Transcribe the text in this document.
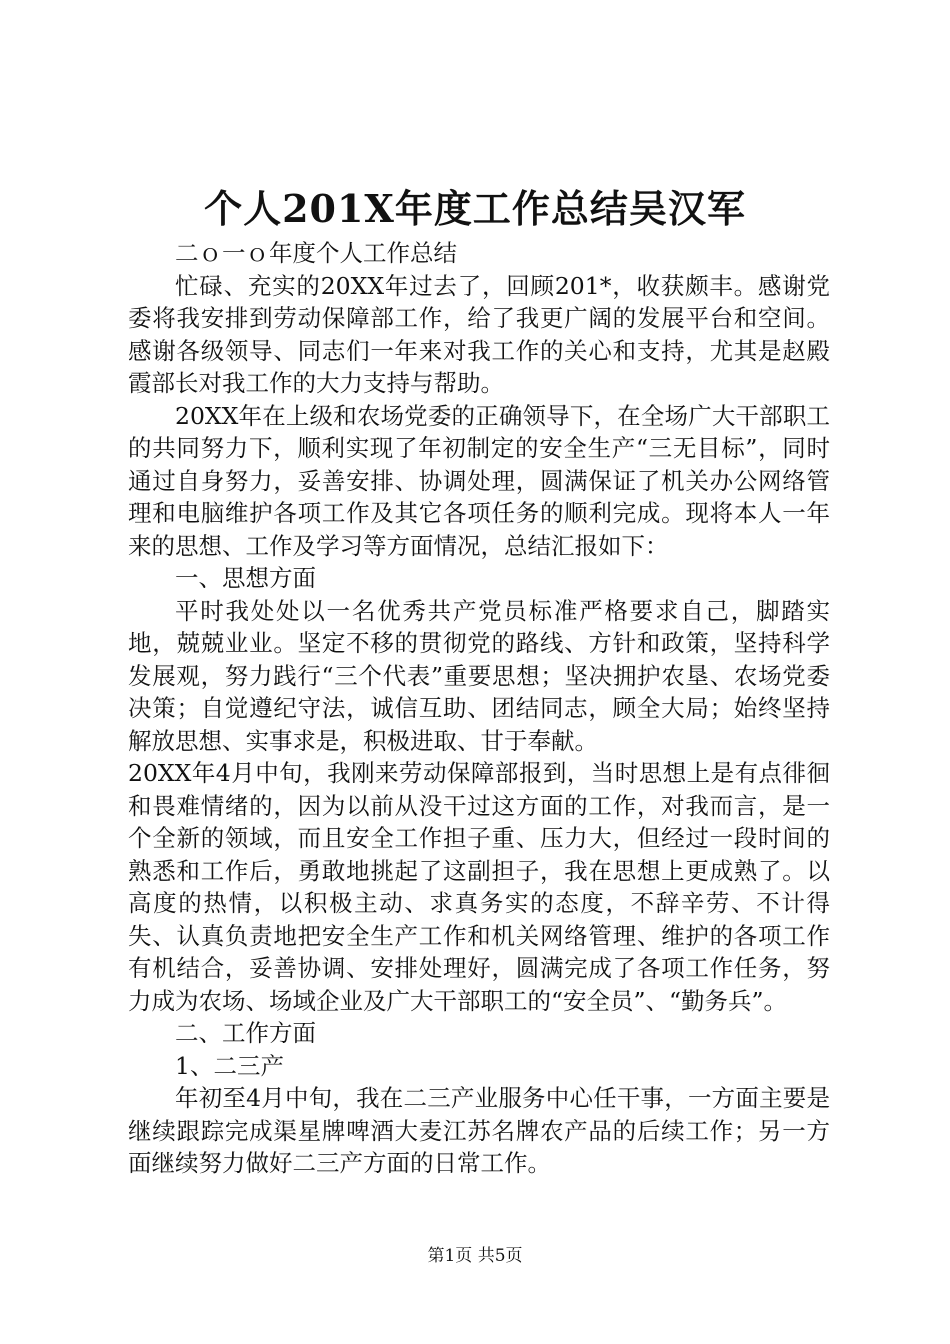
个人201X年度工作总结吴汉军

二ｏ一ｏ年度个人工作总结

忙碌、充实的20XX年过去了，回顾201*，收获颇丰。感谢党委将我安排到劳动保障部工作，给了我更广阔的发展平台和空间。感谢各级领导、同志们一年来对我工作的关心和支持，尤其是赵殿霞部长对我工作的大力支持与帮助。

20XX年在上级和农场党委的正确领导下，在全场广大干部职工的共同努力下，顺利实现了年初制定的安全生产“三无目标”，同时通过自身努力，妥善安排、协调处理，圆满保证了机关办公网络管理和电脑维护各项工作及其它各项任务的顺利完成。现将本人一年来的思想、工作及学习等方面情况，总结汇报如下：

一、思想方面

平时我处处以一名优秀共产党员标准严格要求自己，脚踏实地，兢兢业业。坚定不移的贯彻党的路线、方针和政策，坚持科学发展观，努力践行“三个代表”重要思想；坚决拥护农垦、农场党委决策；自觉遵纪守法，诚信互助、团结同志，顾全大局；始终坚持解放思想、实事求是，积极进取、甘于奉献。

20XX年4月中旬，我刚来劳动保障部报到，当时思想上是有点徘徊和畏难情绪的，因为以前从没干过这方面的工作，对我而言，是一个全新的领域，而且安全工作担子重、压力大，但经过一段时间的熟悉和工作后，勇敢地挑起了这副担子，我在思想上更成熟了。以高度的热情，以积极主动、求真务实的态度，不辞辛劳、不计得失、认真负责地把安全生产工作和机关网络管理、维护的各项工作有机结合，妥善协调、安排处理好，圆满完成了各项工作任务，努力成为农场、场域企业及广大干部职工的“安全员”、“勤务兵”。

二、工作方面

1、二三产

年初至4月中旬，我在二三产业服务中心任干事，一方面主要是继续跟踪完成渠星牌啤酒大麦江苏名牌农产品的后续工作；另一方面继续努力做好二三产方面的日常工作。

第1页 共5页
